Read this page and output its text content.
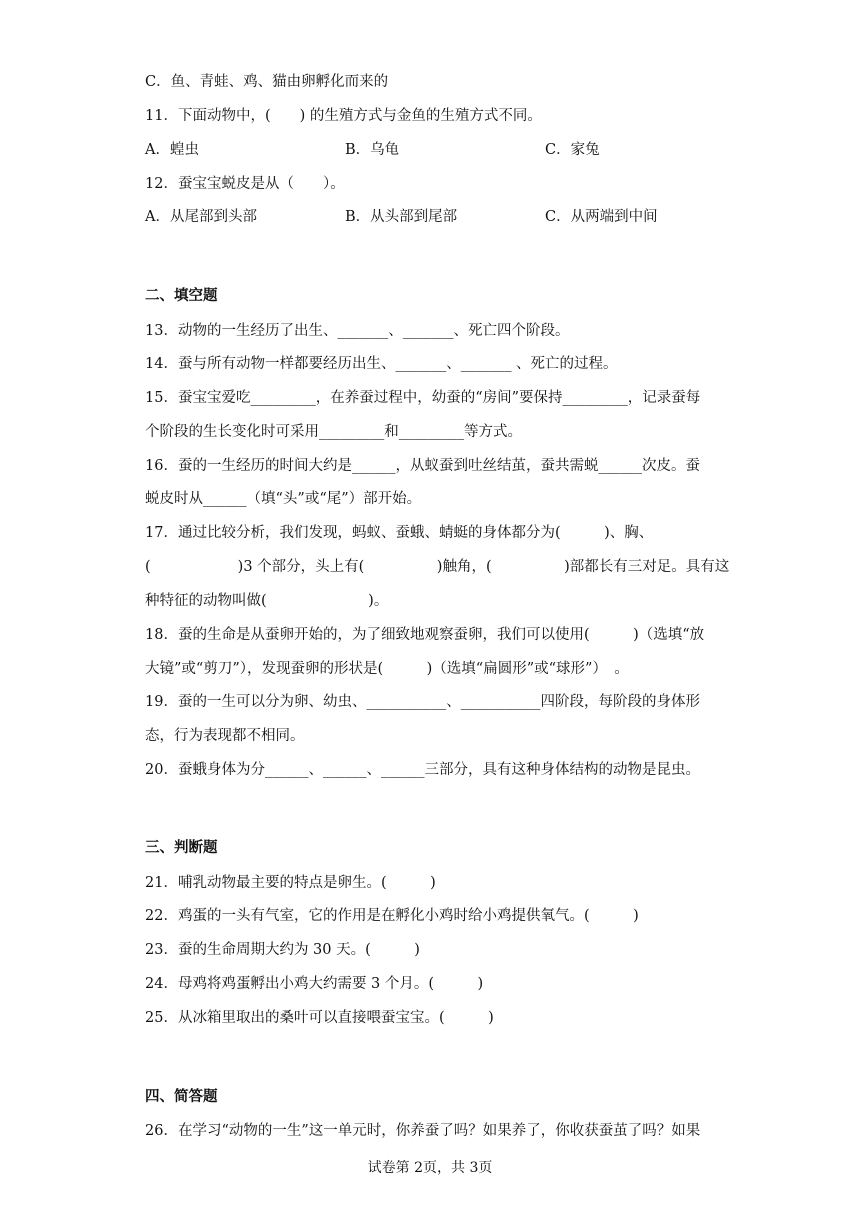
C．鱼、青蛙、鸡、猫由卵孵化而来的
11．下面动物中，(　　) 的生殖方式与金鱼的生殖方式不同。
A．蝗虫	B．乌龟	C．家兔
12．蚕宝宝蜕皮是从（　　）。
A．从尾部到头部	B．从头部到尾部	C．从两端到中间
二、填空题
13．动物的一生经历了出生、_______、_______、死亡四个阶段。
14．蚕与所有动物一样都要经历出生、_______、_______ 、死亡的过程。
15．蚕宝宝爱吃_________，在养蚕过程中，幼蚕的“房间”要保持_________，记录蚕每
个阶段的生长变化时可采用_________和_________等方式。
16．蚕的一生经历的时间大约是______，从蚁蚕到吐丝结茧，蚕共需蜕______次皮。蚕
蜕皮时从______（填“头”或“尾”）部开始。
17．通过比较分析，我们发现，蚂蚁、蚕蛾、蜻蜓的身体都分为(　　　)、胸、
(　　　　　　)3 个部分，头上有(　　　　　)触角，(　　　　　)部都长有三对足。具有这
种特征的动物叫做(　　　　　　　)。
18．蚕的生命是从蚕卵开始的，为了细致地观察蚕卵，我们可以使用(　　　)（选填“放
大镜”或“剪刀”），发现蚕卵的形状是(　　　)（选填“扁圆形”或“球形”）　。
19．蚕的一生可以分为卵、幼虫、___________、___________四阶段，每阶段的身体形
态，行为表现都不相同。
20．蚕蛾身体为分______、______、______三部分，具有这种身体结构的动物是昆虫。
三、判断题
21．哺乳动物最主要的特点是卵生。(　　　)
22．鸡蛋的一头有气室，它的作用是在孵化小鸡时给小鸡提供氧气。(　　　)
23．蚕的生命周期大约为 30 天。(　　　)
24．母鸡将鸡蛋孵出小鸡大约需要 3 个月。(　　　)
25．从冰箱里取出的桑叶可以直接喂蚕宝宝。(　　　)
四、简答题
26．在学习“动物的一生”这一单元时，你养蚕了吗？如果养了，你收获蚕茧了吗？如果
试卷第 2页，共 3页
